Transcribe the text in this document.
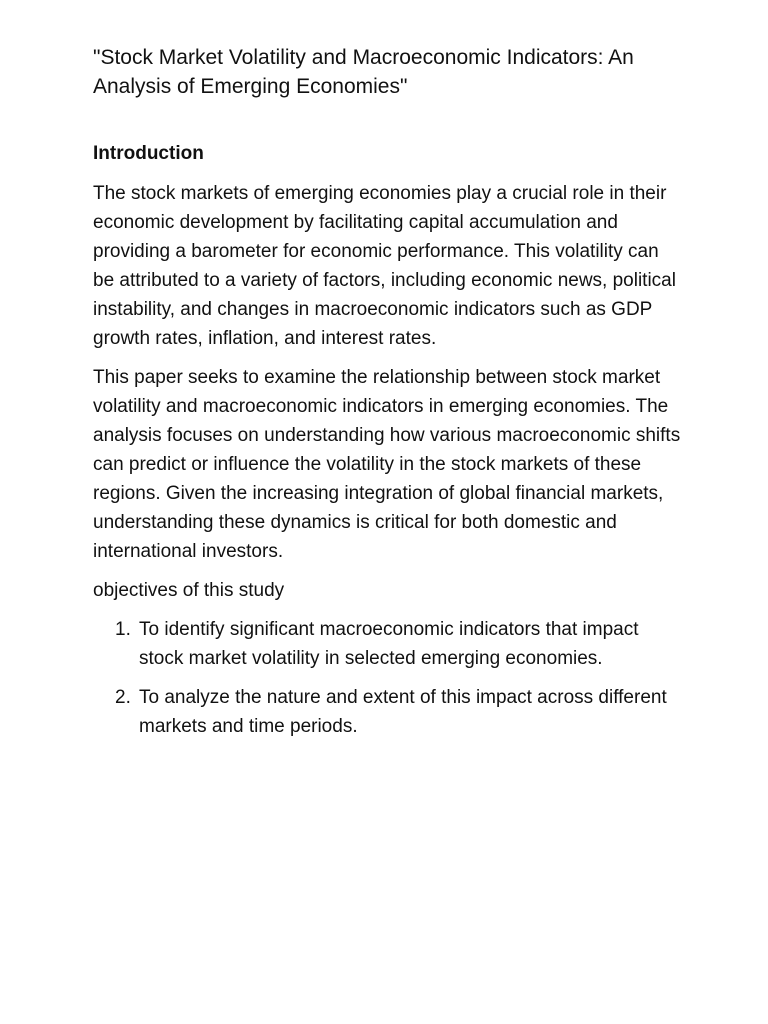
"Stock Market Volatility and Macroeconomic Indicators: An Analysis of Emerging Economies"
Introduction

The stock markets of emerging economies play a crucial role in their economic development by facilitating capital accumulation and providing a barometer for economic performance. This volatility can be attributed to a variety of factors, including economic news, political instability, and changes in macroeconomic indicators such as GDP growth rates, inflation, and interest rates.

This paper seeks to examine the relationship between stock market volatility and macroeconomic indicators in emerging economies. The analysis focuses on understanding how various macroeconomic shifts can predict or influence the volatility in the stock markets of these regions. Given the increasing integration of global financial markets, understanding these dynamics is critical for both domestic and international investors.

objectives of this study

1. To identify significant macroeconomic indicators that impact stock market volatility in selected emerging economies.
2. To analyze the nature and extent of this impact across different markets and time periods.
